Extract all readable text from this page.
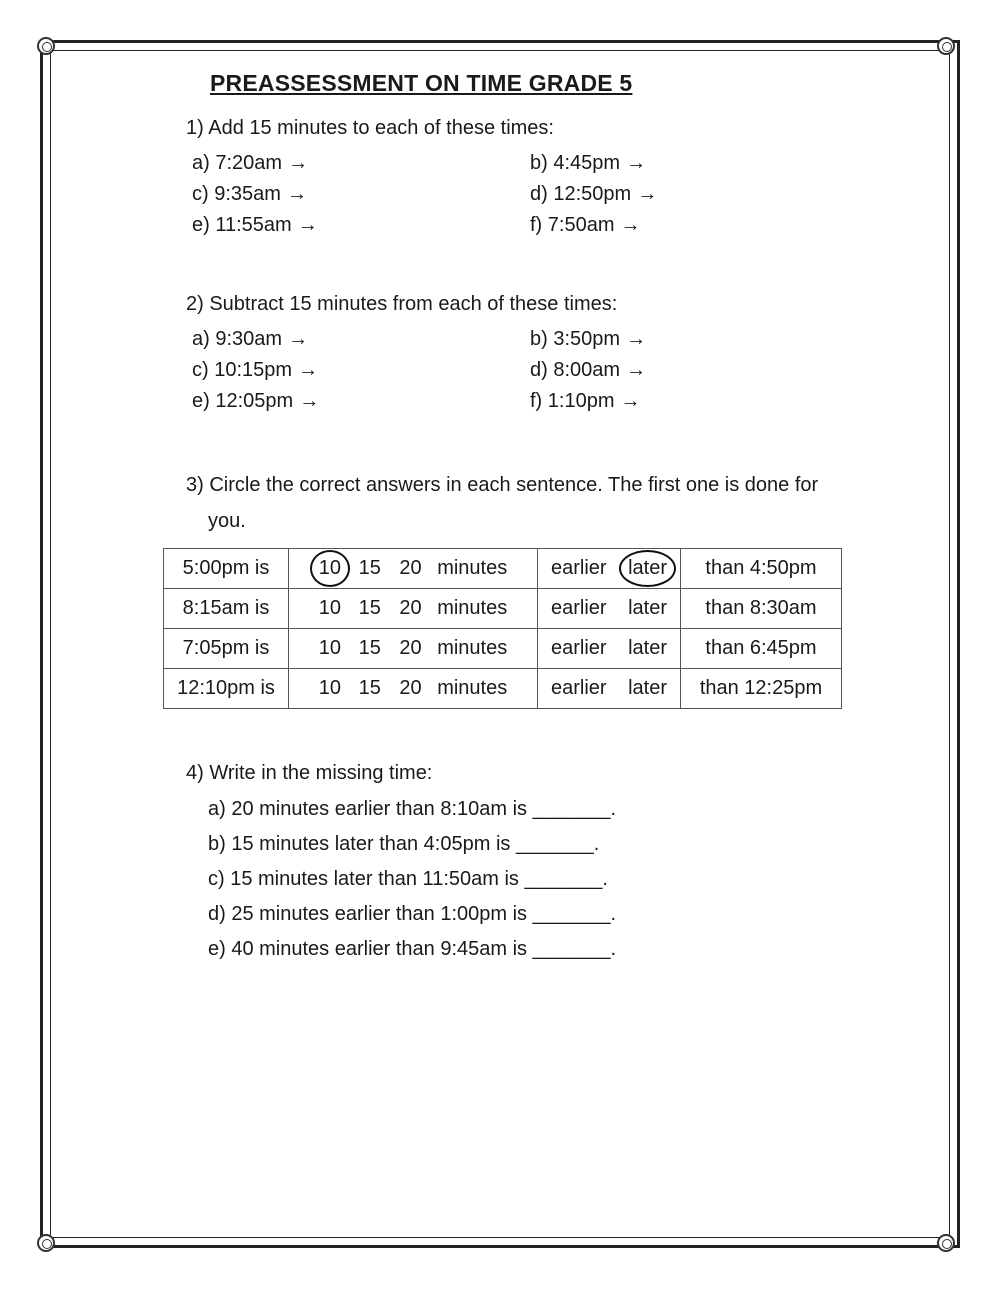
PREASSESSMENT ON TIME GRADE 5
1) Add 15 minutes to each of these times:
a) 7:20am →	b) 4:45pm →
c) 9:35am →	d) 12:50pm →
e) 11:55am →	f) 7:50am →
2) Subtract 15 minutes from each of these times:
a) 9:30am →	b) 3:50pm →
c) 10:15pm →	d) 8:00am →
e) 12:05pm →	f) 1:10pm →
3) Circle the correct answers in each sentence. The first one is done for
you.
5:00pm is	10 15 20 minutes	earlier later	than 4:50pm
8:15am is	10 15 20 minutes	earlier later	than 8:30am
7:05pm is	10 15 20 minutes	earlier later	than 6:45pm
12:10pm is	10 15 20 minutes	earlier later	than 12:25pm
4) Write in the missing time:
a) 20 minutes earlier than 8:10am is _______.
b) 15 minutes later than 4:05pm is _______.
c) 15 minutes later than 11:50am is _______.
d) 25 minutes earlier than 1:00pm is _______.
e) 40 minutes earlier than 9:45am is _______.
